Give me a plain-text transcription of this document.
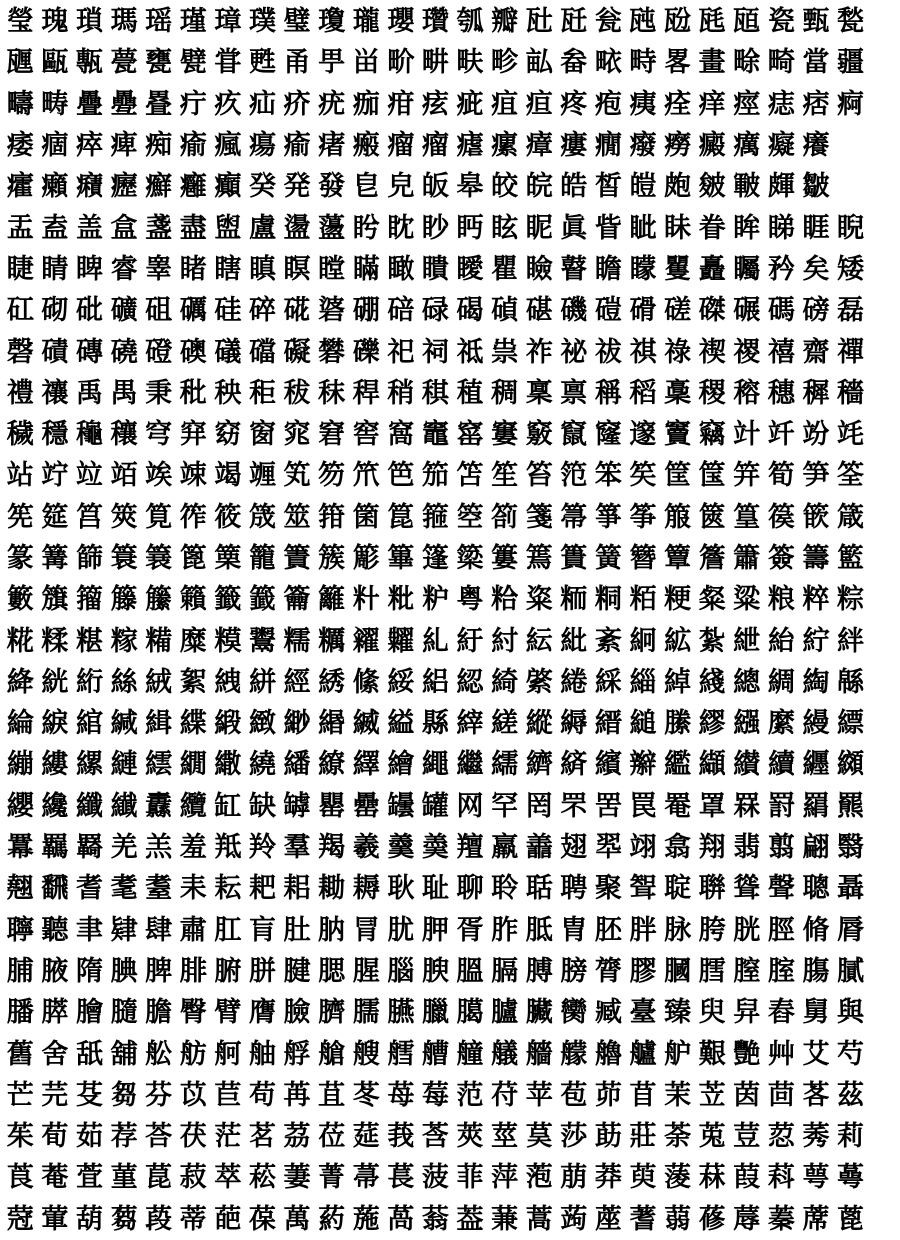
瑩 瑰 瑣 瑪 瑶 瑾 璋 璞 璧 瓊 瓏 瓔 瓚 瓠 瓣 瓧 瓩 瓮 瓲 瓰 瓱 瓸 瓷 甄 甃
甅 甌 甎 甍 甕 甓 甞 甦 甬 甼 畄 畍 畊 畉 畛 畆 畚 畩 畤 畧 畫 畭 畸 當 疆
疇 畴 疊 疉 疂 疔 疚 疝 疥 疣 痂 疳 痃 疵 疽 疸 疼 疱 痍 痊 痒 痙 痣 痞 痾
痿 痼 瘁 痺 痴 瘉 瘋 瘍 瘉 瘏 瘢 瘤 瘤 瘧 瘰 瘴 瘻 癇 癈 癆 癜 癘 癡 癢
癨 癩 癪 癧 癬 癰 癲 癸 発 發 皀 皃 皈 皋 皎 皖 皓 皙 皚 皰 皴 皸 皹 皺
盂 盍 盖 盒 盞 盡 盥 盧 盪 蘯 盻 眈 眇 眄 眩 眤 眞 眥 眦 眛 眷 眸 睇 睚 睨
睫 睛 睥 睿 睾 睹 瞎 瞋 瞑 瞠 瞞 瞰 瞶 瞹 瞿 瞼 瞽 瞻 矇 矍 矗 矚 矜 矣 矮
矼 砌 砒 礦 砠 礪 硅 碎 硴 碆 硼 碚 碌 碣 碵 碪 磯 磑 磆 磋 磔 碾 碼 磅 磊
磬 磧 磚 磽 磴 礇 礒 礑 礙 礬 礫 祀 祠 祗 祟 祚 祕 祓 祺 祿 禊 禝 禧 齋 禪
禮 禳 禹 禺 秉 秕 秧 秬 秡 秣 稈 稍 稘 稙 稠 稟 禀 稱 稻 稾 稷 穃 穗 穉 穡
穢 穩 龝 穰 穹 穽 窈 窗 窕 窘 窖 窩 竈 窰 窶 竅 竄 窿 邃 竇 竊 竍 竏 竕 竓
站 竚 竝 竡 竢 竦 竭 竰 笂 笏 笊 笆 笳 笘 笙 笞 笵 笨 笶 筐 筺 笄 筍 笋 筌
筅 筵 筥 筴 筧 筰 筱 筬 筮 箝 箘 箟 箍 箜 箚 箋 箒 箏 筝 箙 篋 篁 篌 篏 箴
篆 篝 篩 簑 簔 篦 篥 籠 簀 簇 簓 篳 篷 簗 簍 篶 簣 簧 簪 簟 簷 簫 簽 籌 籃
籔 籏 籀 籐 籘 籟 籤 籖 籥 籬 籵 粃 粐 粤 粭 粢 粫 粡 粨 粳 粲 粱 粮 粹 粽
糀 糅 糂 糘 糒 糜 糢 鬻 糯 糲 糴 糶 糺 紆 紂 紜 紕 紊 絅 絋 紮 紲 紿 紵 絆
絳 絖 絎 絲 絨 絮 絏 絣 經 綉 絛 綏 絽 綛 綺 綮 綣 綵 緇 綽 綫 總 綢 綯 緜
綸 綟 綰 緘 緝 緤 緞 緻 緲 緡 縅 縊 縣 縡 縒 縱 縟 縉 縋 縢 繆 繦 縻 縵 縹
繃 縷 縲 縺 繧 繝 繖 繞 繙 繚 繹 繪 繩 繼 繻 纃 緕 繽 辮 繿 纈 纉 續 纒 纐
纓 纔 纖 纎 纛 纜 缸 缺 罅 罌 罍 罎 罐 网 罕 罔 罘 罟 罠 罨 罩 罧 罸 羂 羆
羃 羈 羇 羌 羔 羞 羝 羚 羣 羯 羲 羹 羮 羶 羸 譱 翅 翆 翊 翕 翔 翡 翦 翩 翳
翹 飜 耆 耄 耋 耒 耘 耙 耜 耡 耨 耿 耻 聊 聆 聒 聘 聚 聟 聢 聨 聳 聲 聰 聶
聹 聽 聿 肄 肆 肅 肛 肓 肚 肭 冐 肬 胛 胥 胙 胝 胄 胚 胖 脉 胯 胱 脛 脩 脣
脯 腋 隋 腆 脾 腓 腑 胼 腱 腮 腥 腦 腴 膃 膈 膊 膀 膂 膠 膕 膤 膣 腟 膓 膩
膰 膵 膾 膸 膽 臀 臂 膺 臉 臍 臑 臙 臘 臈 臚 臟 臠 臧 臺 臻 臾 舁 舂 舅 與
舊 舍 舐 舖 舩 舫 舸 舳 艀 艙 艘 艝 艚 艟 艤 艢 艨 艪 艫 舮 艱 艷 艸 艾 芍
芒 芫 芟 芻 芬 苡 苣 苟 苒 苴 苳 苺 莓 范 苻 苹 苞 茆 苜 茉 苙 茵 茴 茖 茲
茱 荀 茹 荐 荅 茯 茫 茗 茘 莅 莚 莪 莟 莢 莖 茣 莎 莇 莊 荼 莵 荳 荵 莠 莉
莨 菴 萓 菫 菎 菽 萃 菘 萋 菁 菷 萇 菠 菲 萍 萢 萠 莽 萸 蔆 菻 葭 萪 萼 蕚
蒄 葷 葫 蒭 葮 蒂 葩 葆 萬 葯 葹 萵 蓊 葢 蒹 蒿 蒟 蓙 蓍 蒻 蓚 蓐 蓁 蓆 蓖
